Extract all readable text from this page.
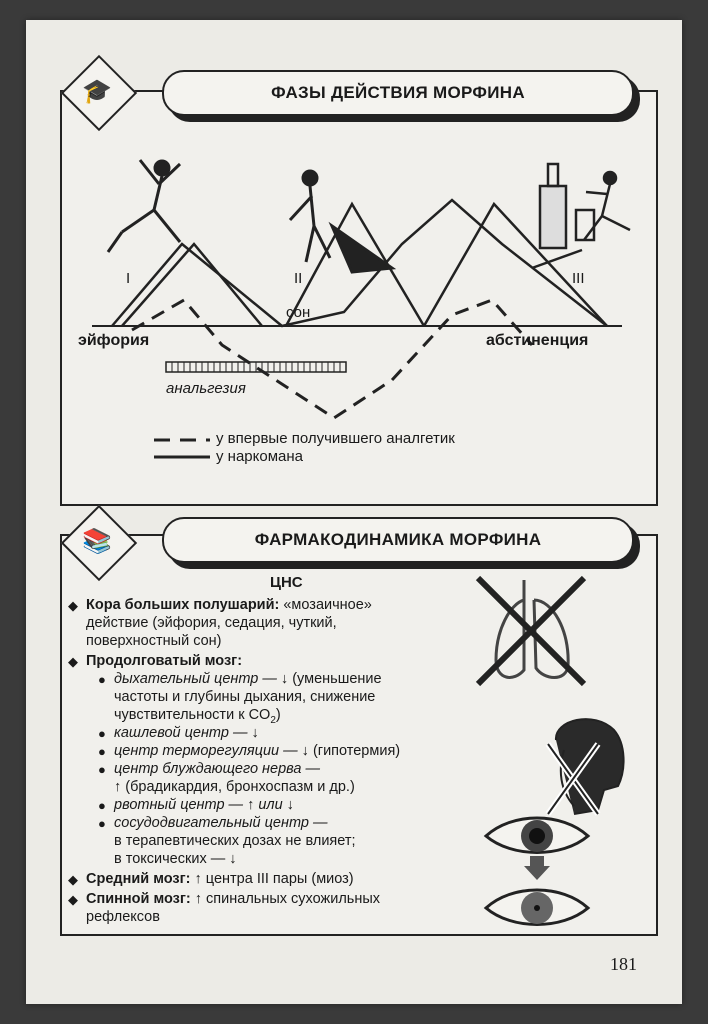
🎓	ФАЗЫ ДЕЙСТВИЯ МОРФИНА
I	II	III
сон
эйфория	абстиненция
анальгезия
у впервые получившего аналгетик
у наркомана
📚	ФАРМАКОДИНАМИКА МОРФИНА
ЦНС
◆ Кора больших полушарий: «мозаичное»
действие (эйфория, седация, чуткий,
поверхностный сон)
◆ Продолговатый мозг:
● дыхательный центр — ↓ (уменьшение
частоты и глубины дыхания, снижение
чувствительности к $CO_2$)
● кашлевой центр — ↓
● центр терморегуляции — ↓ (гипотермия)
● центр блуждающего нерва —
↑ (брадикардия, бронхоспазм и др.)
● рвотный центр — ↑ или ↓
● сосудодвигательный центр —
в терапевтических дозах не влияет;
в токсических — ↓
◆ Средний мозг: ↑ центра III пары (миоз)
◆ Спинной мозг: ↑ спинальных сухожильных
рефлексов
181
